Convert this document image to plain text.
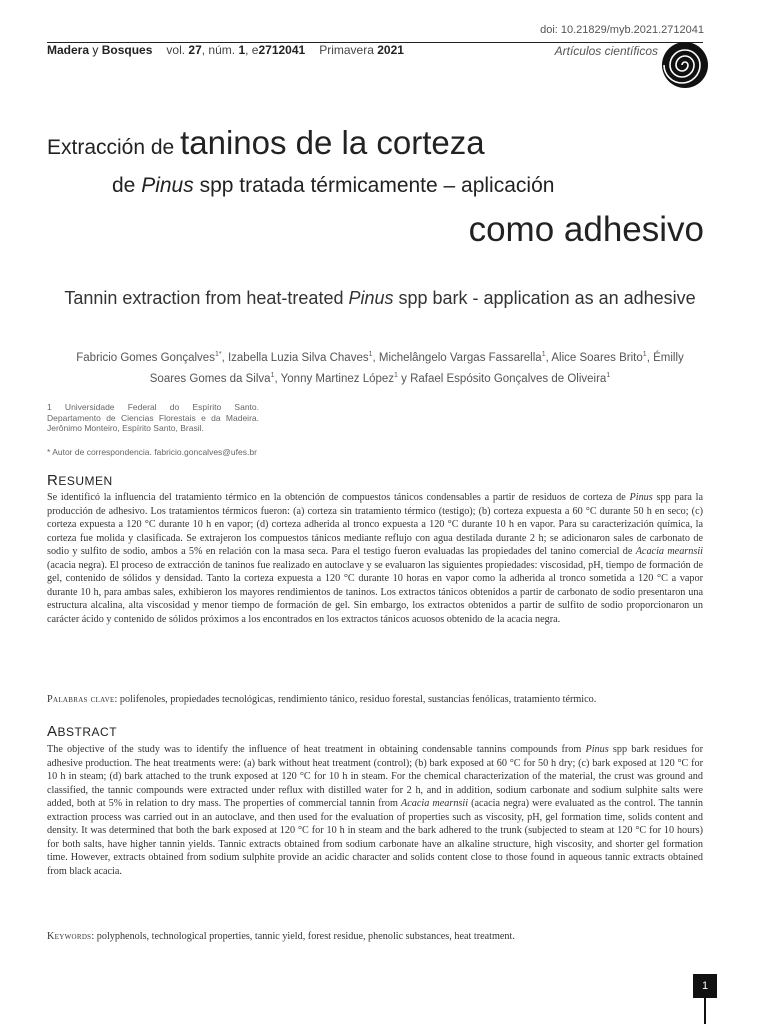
doi: 10.21829/myb.2021.2712041
Madera y Bosques vol. 27, núm. 1, e2712041 Primavera 2021	Artículos científicos
Extracción de taninos de la corteza
de Pinus spp tratada térmicamente – aplicación
como adhesivo
Tannin extraction from heat-treated Pinus spp bark - application as an adhesive
Fabricio Gomes Gonçalves$^{1*}$, Izabella Luzia Silva Chaves$^1$, Michelângelo Vargas Fassarella$^1$, Alice Soares Brito$^1$, Émilly Soares Gomes da Silva$^1$, Yonny Martinez López$^1$ y Rafael Espósito Gonçalves de Oliveira$^1$
1 Universidade Federal do Espírito Santo. Departamento de Ciencias Florestais e da Madeira. Jerônimo Monteiro, Espírito Santo, Brasil.
* Autor de correspondencia. fabricio.goncalves@ufes.br
RESUMEN
Se identificó la influencia del tratamiento térmico en la obtención de compuestos tánicos condensables a partir de residuos de corteza de Pinus spp para la producción de adhesivo. Los tratamientos térmicos fueron: (a) corteza sin tratamiento térmico (testigo); (b) corteza expuesta a 60 °C durante 50 h en seco; (c) corteza expuesta a 120 °C durante 10 h en vapor; (d) corteza adherida al tronco expuesta a 120 °C durante 10 h en vapor. Para su caracterización química, la corteza fue molida y clasificada. Se extrajeron los compuestos tánicos mediante reflujo con agua destilada durante 2 h; se adicionaron sales de carbonato de sodio y sulfito de sodio, ambos a 5% en relación con la masa seca. Para el testigo fueron evaluadas las propiedades del tanino comercial de Acacia mearnsii (acacia negra). El proceso de extracción de taninos fue realizado en autoclave y se evaluaron las siguientes propiedades: viscosidad, pH, tiempo de formación de gel, contenido de sólidos y densidad. Tanto la corteza expuesta a 120 °C durante 10 horas en vapor como la adherida al tronco sometida a 120 °C a vapor durante 10 h, para ambas sales, exhibieron los mayores rendimientos de taninos. Los extractos tánicos obtenidos a partir de carbonato de sodio presentaron una estructura alcalina, alta viscosidad y menor tiempo de formación de gel. Sin embargo, los extractos obtenidos a partir de sulfito de sodio proporcionaron un carácter ácido y contenido de sólidos próximos a los encontrados en los extractos tánicos acuosos obtenido de la acacia negra.
Palabras clave: polifenoles, propiedades tecnológicas, rendimiento tánico, residuo forestal, sustancias fenólicas, tratamiento térmico.
ABSTRACT
The objective of the study was to identify the influence of heat treatment in obtaining condensable tannins compounds from Pinus spp bark residues for adhesive production. The heat treatments were: (a) bark without heat treatment (control); (b) bark exposed at 60 °C for 50 h dry; (c) bark exposed at 120 °C for 10 h in steam; (d) bark attached to the trunk exposed at 120 °C for 10 h in steam. For the chemical characterization of the material, the crust was ground and classified, the tannic compounds were extracted under reflux with distilled water for 2 h, and in addition, sodium carbonate and sodium sulphite salts were added, both at 5% in relation to dry mass. The properties of commercial tannin from Acacia mearnsii (acacia negra) were evaluated as the control. The tannin extraction process was carried out in an autoclave, and then used for the evaluation of properties such as viscosity, pH, gel formation time, solids content and density. It was determined that both the bark exposed at 120 °C for 10 h in steam and the bark adhered to the trunk (subjected to steam at 120 °C for 10 hours) for both salts, have higher tannin yields. Tannic extracts obtained from sodium carbonate have an alkaline structure, high viscosity, and shorter gel formation time. However, extracts obtained from sodium sulphite provide an acidic character and solids content close to those found in aqueous tannic extracts obtained from black acacia.
Keywords: polyphenols, technological properties, tannic yield, forest residue, phenolic substances, heat treatment.
1
